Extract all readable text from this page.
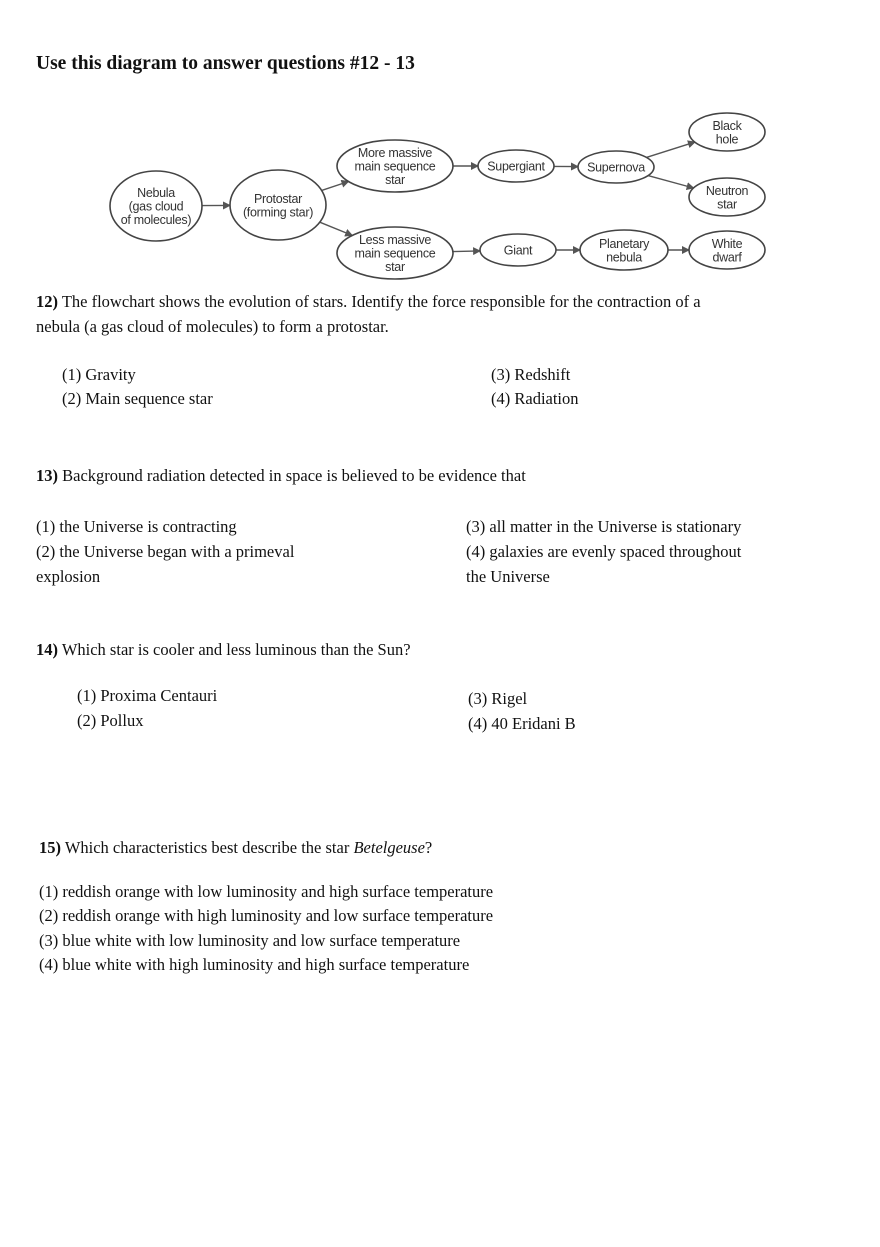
Use this diagram to answer questions #12 - 13
Nebula
(gas cloud
of molecules)
Protostar
(forming star)
More massive
main sequence
star
Less massive
main sequence
star
Supergiant	Supernova
Black
hole
Neutron
star
Giant	Planetary
nebula
White
dwarf
12) The flowchart shows the evolution of stars. Identify the force responsible for the contraction of a
nebula (a gas cloud of molecules) to form a protostar.
(1) Gravity
(2) Main sequence star
(3) Redshift
(4) Radiation
13) Background radiation detected in space is believed to be evidence that
(1) the Universe is contracting
(2) the Universe began with a primeval
explosion
(3) all matter in the Universe is stationary
(4) galaxies are evenly spaced throughout
the Universe
14) Which star is cooler and less luminous than the Sun?
(1) Proxima Centauri
(2) Pollux
(3) Rigel
(4) 40 Eridani B
15) Which characteristics best describe the star Betelgeuse?
(1) reddish orange with low luminosity and high surface temperature
(2) reddish orange with high luminosity and low surface temperature
(3) blue white with low luminosity and low surface temperature
(4) blue white with high luminosity and high surface temperature
